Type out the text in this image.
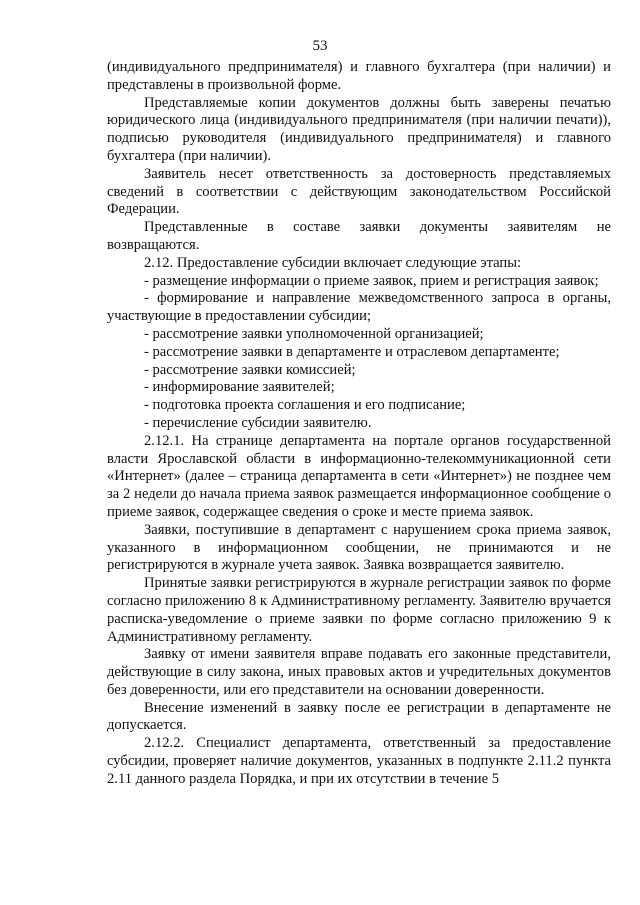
53

(индивидуального предпринимателя) и главного бухгалтера (при наличии) и представлены в произвольной форме.

Представляемые копии документов должны быть заверены печатью юридического лица (индивидуального предпринимателя (при наличии печати)), подписью руководителя (индивидуального предпринимателя) и главного бухгалтера (при наличии).

Заявитель несет ответственность за достоверность представляемых сведений в соответствии с действующим законодательством Российской Федерации.

Представленные в составе заявки документы заявителям не возвращаются.

2.12. Предоставление субсидии включает следующие этапы:

- размещение информации о приеме заявок, прием и регистрация заявок;

- формирование и направление межведомственного запроса в органы, участвующие в предоставлении субсидии;

- рассмотрение заявки уполномоченной организацией;

- рассмотрение заявки в департаменте и отраслевом департаменте;

- рассмотрение заявки комиссией;

- информирование заявителей;

- подготовка проекта соглашения и его подписание;

- перечисление субсидии заявителю.

2.12.1. На странице департамента на портале органов государственной власти Ярославской области в информационно-телекоммуникационной сети «Интернет» (далее – страница департамента в сети «Интернет») не позднее чем за 2 недели до начала приема заявок размещается информационное сообщение о приеме заявок, содержащее сведения о сроке и месте приема заявок.

Заявки, поступившие в департамент с нарушением срока приема заявок, указанного в информационном сообщении, не принимаются и не регистрируются в журнале учета заявок. Заявка возвращается заявителю.

Принятые заявки регистрируются в журнале регистрации заявок по форме согласно приложению 8 к Административному регламенту. Заявителю вручается расписка-уведомление о приеме заявки по форме согласно приложению 9 к Административному регламенту.

Заявку от имени заявителя вправе подавать его законные представители, действующие в силу закона, иных правовых актов и учредительных документов без доверенности, или его представители на основании доверенности.

Внесение изменений в заявку после ее регистрации в департаменте не допускается.

2.12.2. Специалист департамента, ответственный за предоставление субсидии, проверяет наличие документов, указанных в подпункте 2.11.2 пункта 2.11 данного раздела Порядка, и при их отсутствии в течение 5
